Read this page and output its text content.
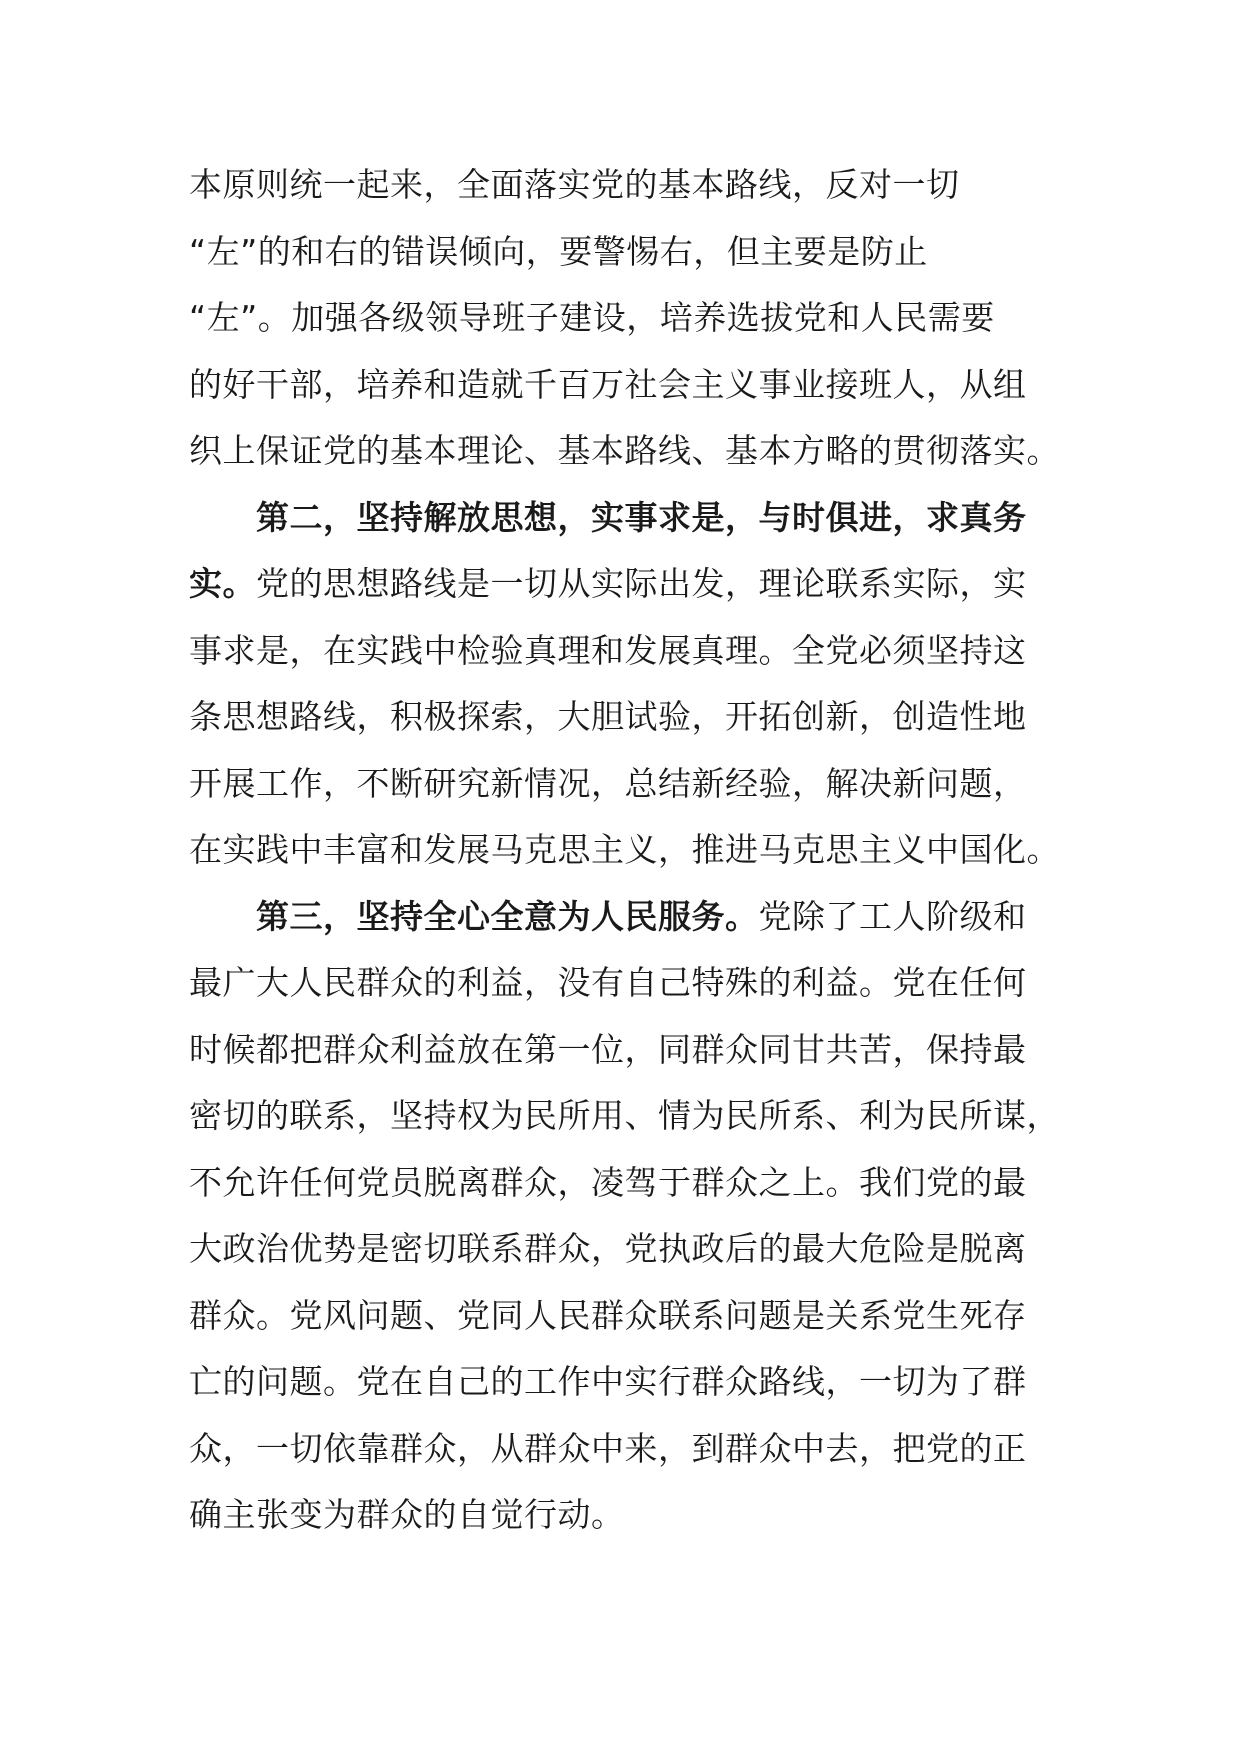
本原则统一起来，全面落实党的基本路线，反对一切
“左”的和右的错误倾向，要警惕右，但主要是防止
“左”。加强各级领导班子建设，培养选拔党和人民需要
的好干部，培养和造就千百万社会主义事业接班人，从组
织上保证党的基本理论、基本路线、基本方略的贯彻落实。
第二，坚持解放思想，实事求是，与时俱进，求真务
实。党的思想路线是一切从实际出发，理论联系实际，实
事求是，在实践中检验真理和发展真理。全党必须坚持这
条思想路线，积极探索，大胆试验，开拓创新，创造性地
开展工作，不断研究新情况，总结新经验，解决新问题，
在实践中丰富和发展马克思主义，推进马克思主义中国化。
第三，坚持全心全意为人民服务。党除了工人阶级和
最广大人民群众的利益，没有自己特殊的利益。党在任何
时候都把群众利益放在第一位，同群众同甘共苦，保持最
密切的联系，坚持权为民所用、情为民所系、利为民所谋，
不允许任何党员脱离群众，凌驾于群众之上。我们党的最
大政治优势是密切联系群众，党执政后的最大危险是脱离
群众。党风问题、党同人民群众联系问题是关系党生死存
亡的问题。党在自己的工作中实行群众路线，一切为了群
众，一切依靠群众，从群众中来，到群众中去，把党的正
确主张变为群众的自觉行动。
